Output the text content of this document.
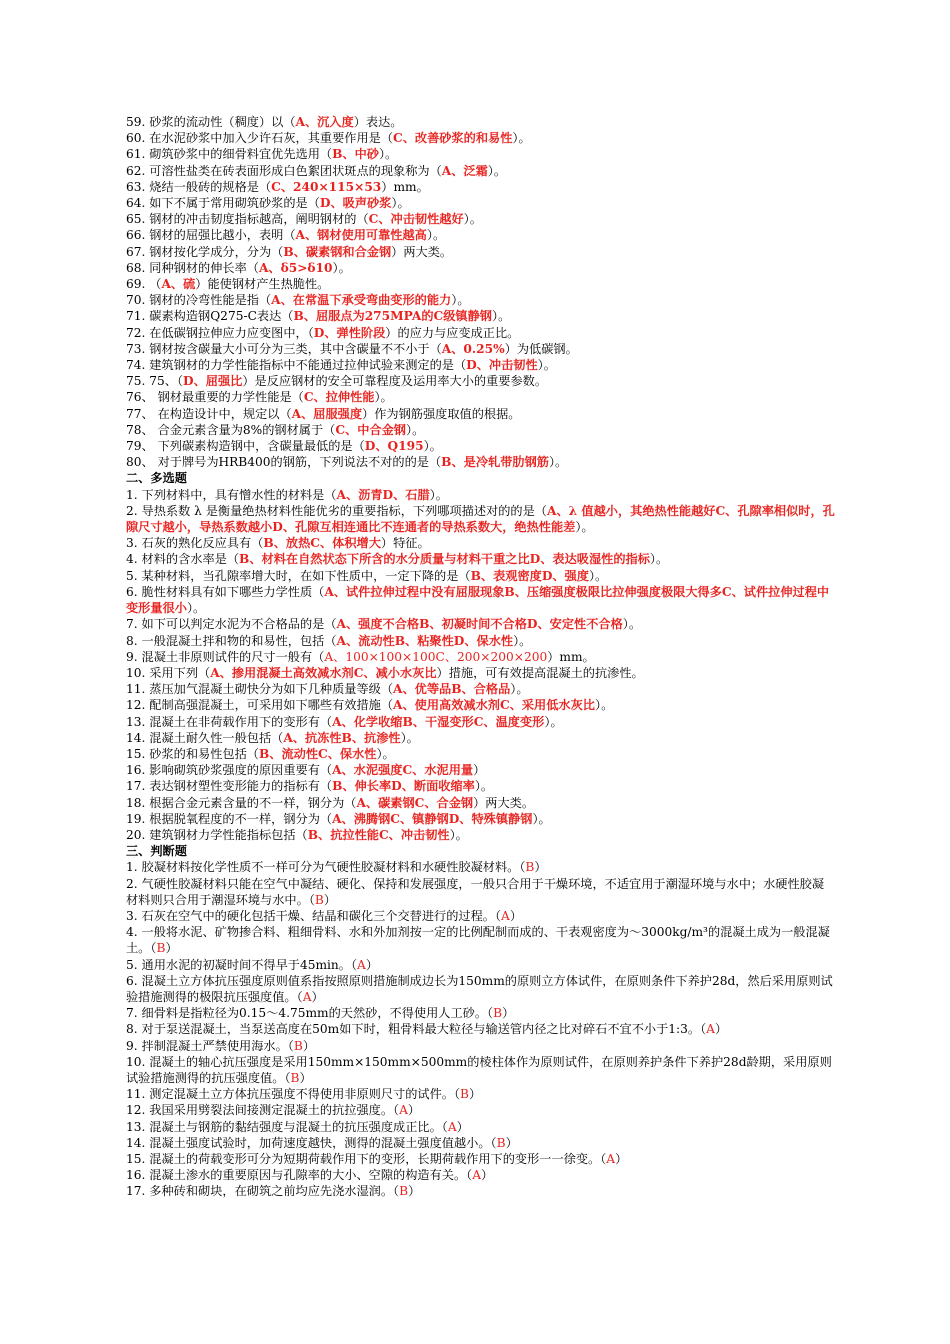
59. 砂浆的流动性（稠度）以（A、沉入度）表达。
60. 在水泥砂浆中加入少许石灰，其重要作用是（C、改善砂浆的和易性）。
61. 砌筑砂浆中的细骨料宜优先选用（B、中砂）。
62. 可溶性盐类在砖表面形成白色絮团状斑点的现象称为（A、泛霜）。
63. 烧结一般砖的规格是（C、240×115×53）mm。
64. 如下不属于常用砌筑砂浆的是（D、吸声砂浆）。
65. 钢材的冲击韧度指标越高，阐明钢材的（C、冲击韧性越好）。
66. 钢材的屈强比越小，表明（A、钢材使用可靠性越高）。
67. 钢材按化学成分，分为（B、碳素钢和合金钢）两大类。
68. 同种钢材的伸长率（A、δ5>δ10）。
69. （A、硫）能使钢材产生热脆性。
70. 钢材的冷弯性能是指（A、在常温下承受弯曲变形的能力）。
71. 碳素构造钢Q275-C表达（B、屈服点为275MPA的C级镇静钢）。
72. 在低碳钢拉伸应力应变图中，（D、弹性阶段）的应力与应变成正比。
73. 钢材按含碳量大小可分为三类，其中含碳量不不小于（A、0.25%）为低碳钢。
74. 建筑钢材的力学性能指标中不能通过拉伸试验来测定的是（D、冲击韧性）。
75. 75、（D、屈强比）是反应钢材的安全可靠程度及运用率大小的重要参数。
76、 钢材最重要的力学性能是（C、拉伸性能）。
77、 在构造设计中，规定以（A、屈服强度）作为钢筋强度取值的根据。
78、 合金元素含量为8%的钢材属于（C、中合金钢）。
79、 下列碳素构造钢中，含碳量最低的是（D、Q195）。
80、 对于牌号为HRB400的钢筋，下列说法不对的的是（B、是冷轧带肋钢筋）。
二、多选题
1. 下列材料中，具有憎水性的材料是（A、沥青D、石腊）。
2. 导热系数 λ 是衡量绝热材料性能优劣的重要指标，下列哪项描述对的的是（A、λ 值越小，其绝热性能越好C、孔隙率相似时，孔隙尺寸越小，导热系数越小D、孔隙互相连通比不连通者的导热系数大，绝热性能差）。
3. 石灰的熟化反应具有（B、放热C、体积增大）特征。
4. 材料的含水率是（B、材料在自然状态下所含的水分质量与材料干重之比D、表达吸湿性的指标）。
5. 某种材料，当孔隙率增大时，在如下性质中，一定下降的是（B、表观密度D、强度）。
6. 脆性材料具有如下哪些力学性质（A、试件拉伸过程中没有屈服现象B、压缩强度极限比拉伸强度极限大得多C、试件拉伸过程中变形量很小）。
7. 如下可以判定水泥为不合格品的是（A、强度不合格B、初凝时间不合格D、安定性不合格）。
8. 一般混凝土拌和物的和易性，包括（A、流动性B、粘聚性D、保水性）。
9. 混凝土非原则试件的尺寸一般有（A、100×100×100C、200×200×200）mm。
10. 采用下列（A、掺用混凝土高效减水剂C、减小水灰比）措施，可有效提高混凝土的抗渗性。
11. 蒸压加气混凝土砌快分为如下几种质量等级（A、优等品B、合格品）。
12. 配制高强混凝土，可采用如下哪些有效措施（A、使用高效减水剂C、采用低水灰比）。
13. 混凝土在非荷载作用下的变形有（A、化学收缩B、干湿变形C、温度变形）。
14. 混凝土耐久性一般包括（A、抗冻性B、抗渗性）。
15. 砂浆的和易性包括（B、流动性C、保水性）。
16. 影响砌筑砂浆强度的原因重要有（A、水泥强度C、水泥用量）
17. 表达钢材塑性变形能力的指标有（B、伸长率D、断面收缩率）。
18. 根据合金元素含量的不一样，钢分为（A、碳素钢C、合金钢）两大类。
19. 根据脱氧程度的不一样，钢分为（A、沸腾钢C、镇静钢D、特殊镇静钢）。
20. 建筑钢材力学性能指标包括（B、抗拉性能C、冲击韧性）。
三、判断题
1. 胶凝材料按化学性质不一样可分为气硬性胶凝材料和水硬性胶凝材料。（B）
2. 气硬性胶凝材料只能在空气中凝结、硬化、保持和发展强度，一般只合用于干燥环境，不适宜用于潮湿环境与水中；水硬性胶凝材料则只合用于潮湿环境与水中。（B）
3. 石灰在空气中的硬化包括干燥、结晶和碳化三个交替进行的过程。（A）
4. 一般将水泥、矿物掺合料、粗细骨料、水和外加剂按一定的比例配制而成的、干表观密度为～3000kg/m³的混凝土成为一般混凝土。（B）
5. 通用水泥的初凝时间不得早于45min。（A）
6. 混凝土立方体抗压强度原则值系指按照原则措施制成边长为150mm的原则立方体试件，在原则条件下养护28d，然后采用原则试验措施测得的极限抗压强度值。（A）
7. 细骨料是指粒径为0.15～4.75mm的天然砂，不得使用人工砂。（B）
8. 对于泵送混凝土，当泵送高度在50m如下时，粗骨料最大粒径与输送管内径之比对碎石不宜不小于1:3。（A）
9. 拌制混凝土严禁使用海水。（B）
10. 混凝土的轴心抗压强度是采用150mm×150mm×500mm的棱柱体作为原则试件，在原则养护条件下养护28d龄期，采用原则试验措施测得的抗压强度值。（B）
11. 测定混凝土立方体抗压强度不得使用非原则尺寸的试件。（B）
12. 我国采用劈裂法间接测定混凝土的抗拉强度。（A）
13. 混凝土与钢筋的黏结强度与混凝土的抗压强度成正比。（A）
14. 混凝土强度试验时，加荷速度越快，测得的混凝土强度值越小。（B）
15. 混凝土的荷载变形可分为短期荷载作用下的变形，长期荷载作用下的变形一一徐变。（A）
16. 混凝土渗水的重要原因与孔隙率的大小、空隙的构造有关。（A）
17. 多种砖和砌块，在砌筑之前均应先浇水湿润。（B）
